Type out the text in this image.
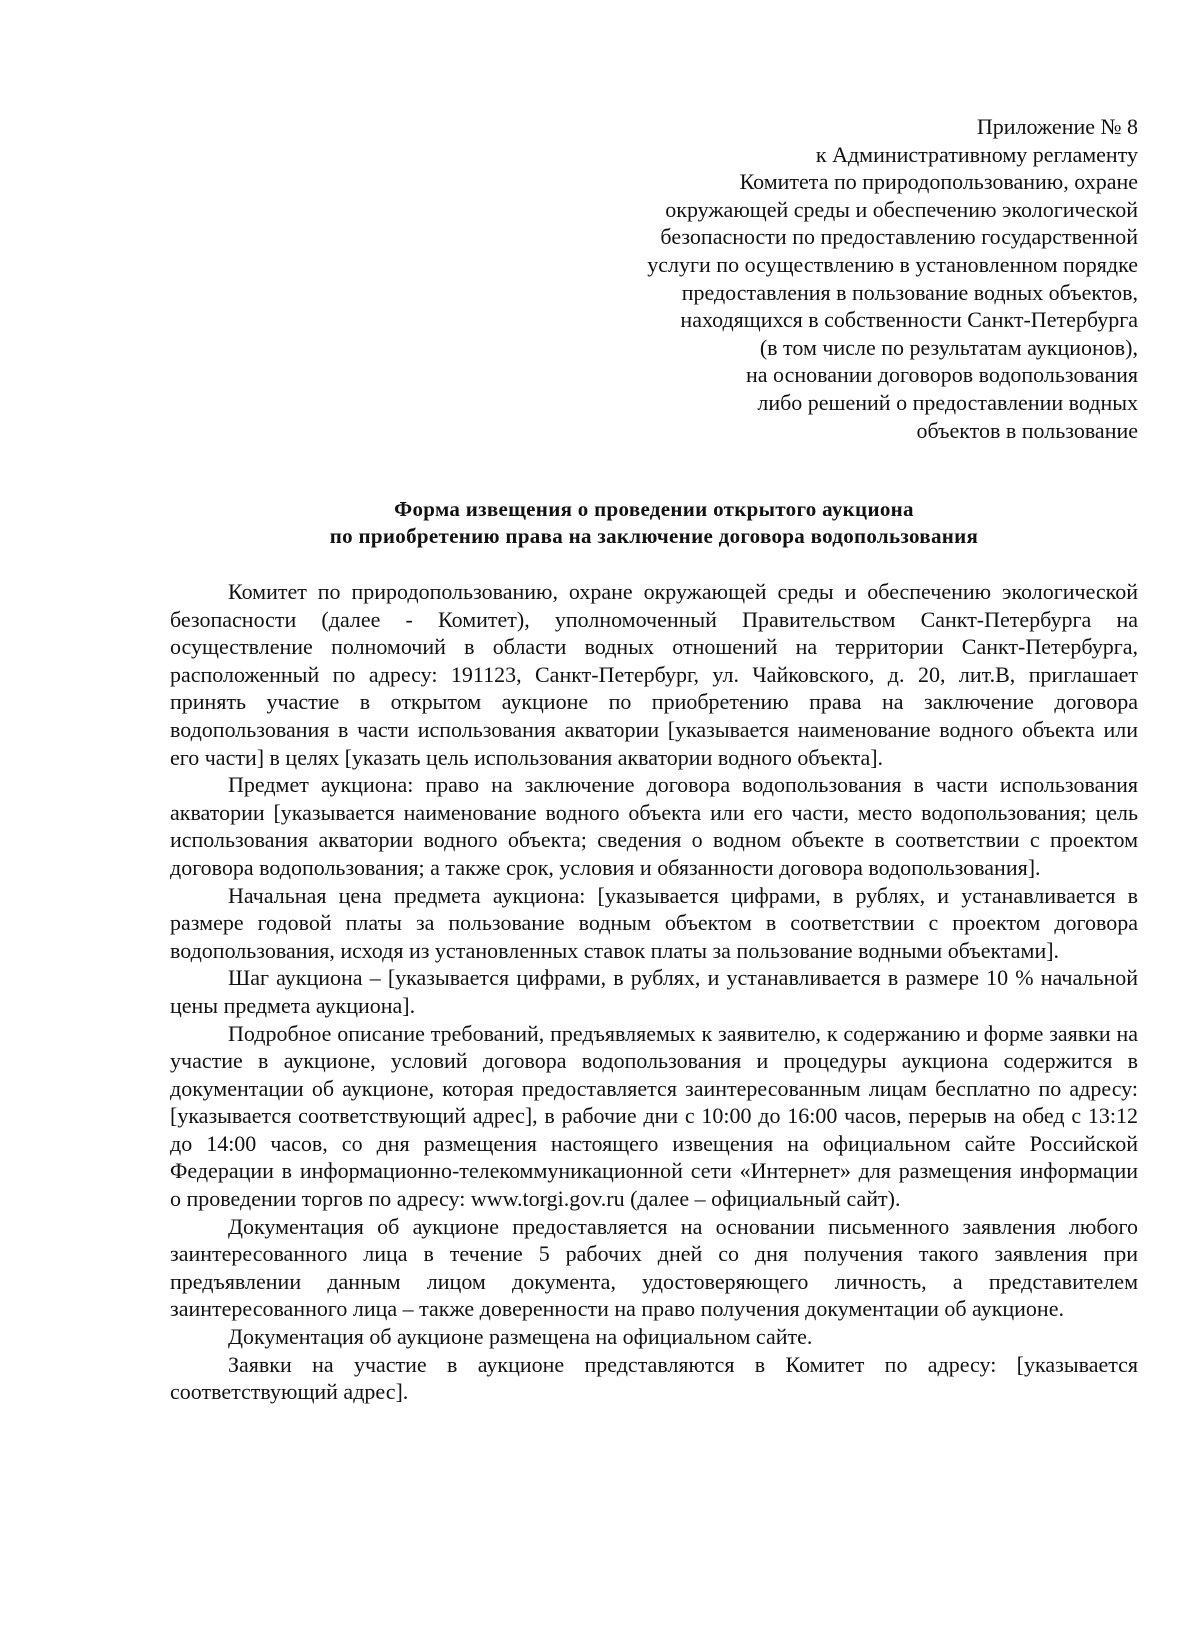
Приложение № 8
к Административному регламенту
Комитета по природопользованию, охране
окружающей среды и обеспечению экологической
безопасности по предоставлению государственной
услуги по осуществлению в установленном порядке
предоставления в пользование водных объектов,
находящихся в собственности Санкт-Петербурга
(в том числе по результатам аукционов),
на основании договоров водопользования
либо решений о предоставлении водных
объектов в пользование
Форма извещения о проведении открытого аукциона
по приобретению права на заключение договора водопользования

Комитет по природопользованию, охране окружающей среды и обеспечению экологической безопасности (далее - Комитет), уполномоченный Правительством Санкт-Петербурга на осуществление полномочий в области водных отношений на территории Санкт-Петербурга, расположенный по адресу: 191123, Санкт-Петербург, ул. Чайковского, д. 20, лит.В, приглашает принять участие в открытом аукционе по приобретению права на заключение договора водопользования в части использования акватории [указывается наименование водного объекта или его части] в целях [указать цель использования акватории водного объекта].

Предмет аукциона: право на заключение договора водопользования в части использования акватории [указывается наименование водного объекта или его части, место водопользования; цель использования акватории водного объекта; сведения о водном объекте в соответствии с проектом договора водопользования; а также срок, условия и обязанности договора водопользования].

Начальная цена предмета аукциона: [указывается цифрами, в рублях, и устанавливается в размере годовой платы за пользование водным объектом в соответствии с проектом договора водопользования, исходя из установленных ставок платы за пользование водными объектами].

Шаг аукциона – [указывается цифрами, в рублях, и устанавливается в размере 10 % начальной цены предмета аукциона].

Подробное описание требований, предъявляемых к заявителю, к содержанию и форме заявки на участие в аукционе, условий договора водопользования и процедуры аукциона содержится в документации об аукционе, которая предоставляется заинтересованным лицам бесплатно по адресу: [указывается соответствующий адрес], в рабочие дни с 10:00 до 16:00 часов, перерыв на обед с 13:12 до 14:00 часов, со дня размещения настоящего извещения на официальном сайте Российской Федерации в информационно-телекоммуникационной сети «Интернет» для размещения информации о проведении торгов по адресу: www.torgi.gov.ru (далее – официальный сайт).

Документация об аукционе предоставляется на основании письменного заявления любого заинтересованного лица в течение 5 рабочих дней со дня получения такого заявления при предъявлении данным лицом документа, удостоверяющего личность, а представителем заинтересованного лица – также доверенности на право получения документации об аукционе.

Документация об аукционе размещена на официальном сайте.

Заявки на участие в аукционе представляются в Комитет по адресу: [указывается соответствующий адрес].
